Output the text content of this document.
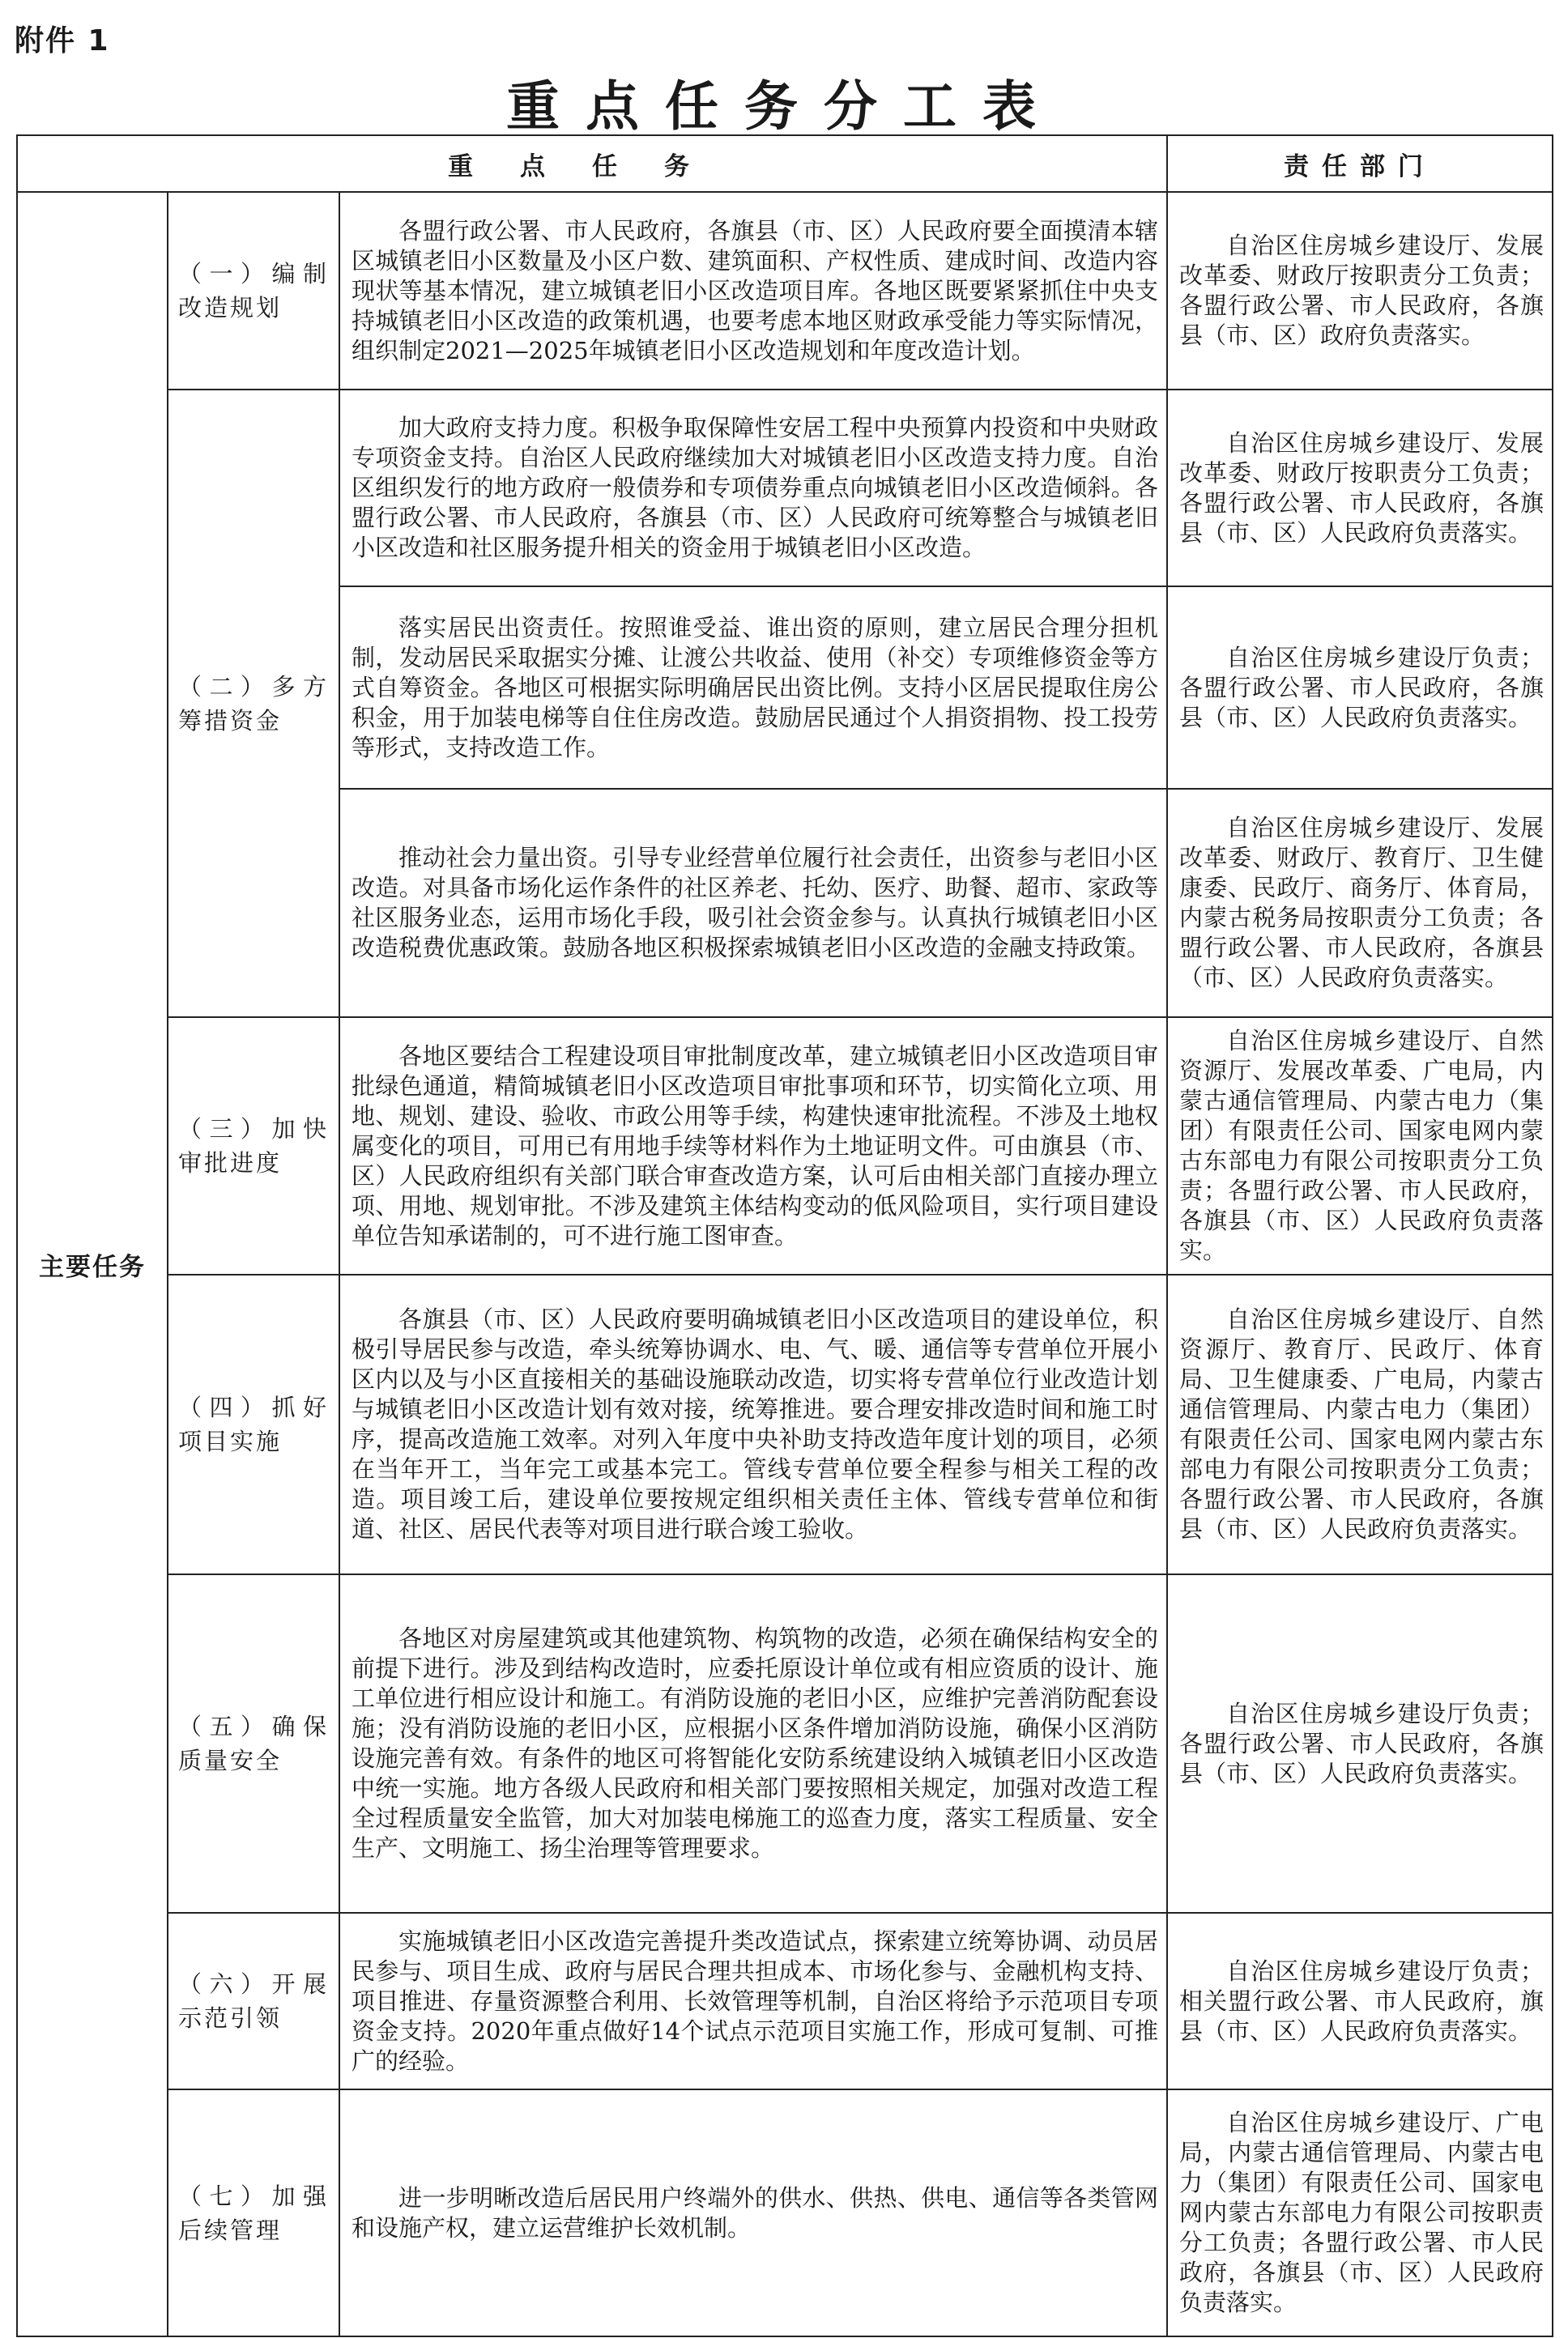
附件 1
重点任务分工表
重点任务			责任部门
主要任务	（一）编制改造规划	各盟行政公署、市人民政府，各旗县（市、区）人民政府要全面摸清本辖区城镇老旧小区数量及小区户数、建筑面积、产权性质、建成时间、改造内容现状等基本情况，建立城镇老旧小区改造项目库。各地区既要紧紧抓住中央支持城镇老旧小区改造的政策机遇，也要考虑本地区财政承受能力等实际情况，组织制定2021—2025年城镇老旧小区改造规划和年度改造计划。	自治区住房城乡建设厅、发展改革委、财政厅按职责分工负责；各盟行政公署、市人民政府，各旗县（市、区）政府负责落实。
	（二）多方筹措资金	加大政府支持力度。积极争取保障性安居工程中央预算内投资和中央财政专项资金支持。自治区人民政府继续加大对城镇老旧小区改造支持力度。自治区组织发行的地方政府一般债券和专项债券重点向城镇老旧小区改造倾斜。各盟行政公署、市人民政府，各旗县（市、区）人民政府可统筹整合与城镇老旧小区改造和社区服务提升相关的资金用于城镇老旧小区改造。	自治区住房城乡建设厅、发展改革委、财政厅按职责分工负责；各盟行政公署、市人民政府，各旗县（市、区）人民政府负责落实。
		落实居民出资责任。按照谁受益、谁出资的原则，建立居民合理分担机制，发动居民采取据实分摊、让渡公共收益、使用（补交）专项维修资金等方式自筹资金。各地区可根据实际明确居民出资比例。支持小区居民提取住房公积金，用于加装电梯等自住住房改造。鼓励居民通过个人捐资捐物、投工投劳等形式，支持改造工作。	自治区住房城乡建设厅负责；各盟行政公署、市人民政府，各旗县（市、区）人民政府负责落实。
		推动社会力量出资。引导专业经营单位履行社会责任，出资参与老旧小区改造。对具备市场化运作条件的社区养老、托幼、医疗、助餐、超市、家政等社区服务业态，运用市场化手段，吸引社会资金参与。认真执行城镇老旧小区改造税费优惠政策。鼓励各地区积极探索城镇老旧小区改造的金融支持政策。	自治区住房城乡建设厅、发展改革委、财政厅、教育厅、卫生健康委、民政厅、商务厅、体育局，内蒙古税务局按职责分工负责；各盟行政公署、市人民政府，各旗县（市、区）人民政府负责落实。
	（三）加快审批进度	各地区要结合工程建设项目审批制度改革，建立城镇老旧小区改造项目审批绿色通道，精简城镇老旧小区改造项目审批事项和环节，切实简化立项、用地、规划、建设、验收、市政公用等手续，构建快速审批流程。不涉及土地权属变化的项目，可用已有用地手续等材料作为土地证明文件。可由旗县（市、区）人民政府组织有关部门联合审查改造方案，认可后由相关部门直接办理立项、用地、规划审批。不涉及建筑主体结构变动的低风险项目，实行项目建设单位告知承诺制的，可不进行施工图审查。	自治区住房城乡建设厅、自然资源厅、发展改革委、广电局，内蒙古通信管理局、内蒙古电力（集团）有限责任公司、国家电网内蒙古东部电力有限公司按职责分工负责；各盟行政公署、市人民政府，各旗县（市、区）人民政府负责落实。
	（四）抓好项目实施	各旗县（市、区）人民政府要明确城镇老旧小区改造项目的建设单位，积极引导居民参与改造，牵头统筹协调水、电、气、暖、通信等专营单位开展小区内以及与小区直接相关的基础设施联动改造，切实将专营单位行业改造计划与城镇老旧小区改造计划有效对接，统筹推进。要合理安排改造时间和施工时序，提高改造施工效率。对列入年度中央补助支持改造年度计划的项目，必须在当年开工，当年完工或基本完工。管线专营单位要全程参与相关工程的改造。项目竣工后，建设单位要按规定组织相关责任主体、管线专营单位和街道、社区、居民代表等对项目进行联合竣工验收。	自治区住房城乡建设厅、自然资源厅、教育厅、民政厅、体育局、卫生健康委、广电局，内蒙古通信管理局、内蒙古电力（集团）有限责任公司、国家电网内蒙古东部电力有限公司按职责分工负责；各盟行政公署、市人民政府，各旗县（市、区）人民政府负责落实。
	（五）确保质量安全	各地区对房屋建筑或其他建筑物、构筑物的改造，必须在确保结构安全的前提下进行。涉及到结构改造时，应委托原设计单位或有相应资质的设计、施工单位进行相应设计和施工。有消防设施的老旧小区，应维护完善消防配套设施；没有消防设施的老旧小区，应根据小区条件增加消防设施，确保小区消防设施完善有效。有条件的地区可将智能化安防系统建设纳入城镇老旧小区改造中统一实施。地方各级人民政府和相关部门要按照相关规定，加强对改造工程全过程质量安全监管，加大对加装电梯施工的巡查力度，落实工程质量、安全生产、文明施工、扬尘治理等管理要求。	自治区住房城乡建设厅负责；各盟行政公署、市人民政府，各旗县（市、区）人民政府负责落实。
	（六）开展示范引领	实施城镇老旧小区改造完善提升类改造试点，探索建立统筹协调、动员居民参与、项目生成、政府与居民合理共担成本、市场化参与、金融机构支持、项目推进、存量资源整合利用、长效管理等机制，自治区将给予示范项目专项资金支持。2020年重点做好14个试点示范项目实施工作，形成可复制、可推广的经验。	自治区住房城乡建设厅负责；相关盟行政公署、市人民政府，旗县（市、区）人民政府负责落实。
	（七）加强后续管理	进一步明晰改造后居民用户终端外的供水、供热、供电、通信等各类管网和设施产权，建立运营维护长效机制。	自治区住房城乡建设厅、广电局，内蒙古通信管理局、内蒙古电力（集团）有限责任公司、国家电网内蒙古东部电力有限公司按职责分工负责；各盟行政公署、市人民政府，各旗县（市、区）人民政府负责落实。
